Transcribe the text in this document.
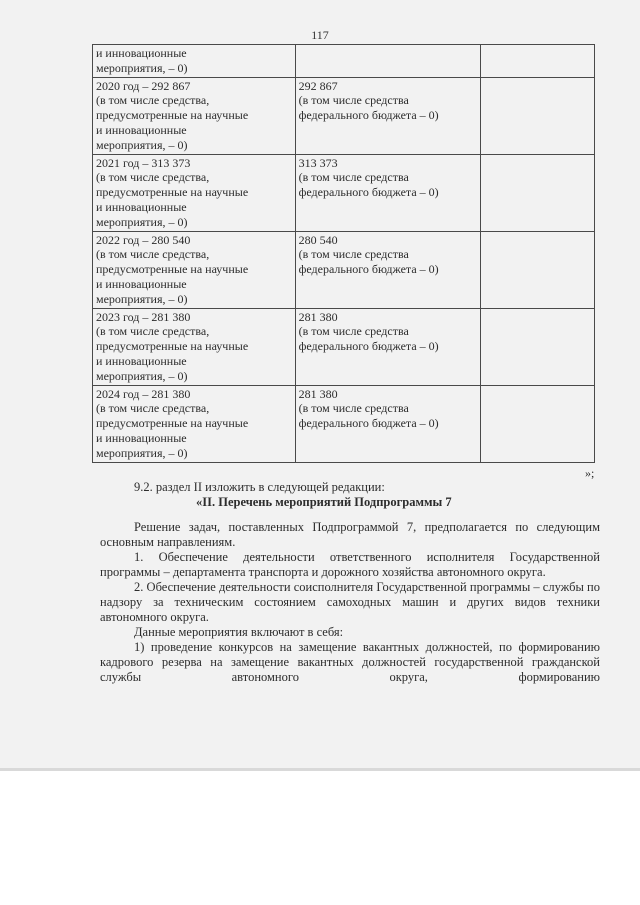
117
и инновационные
мероприятия, – 0)		

2020 год – 292 867
(в том числе средства,
предусмотренные на научные
и инновационные
мероприятия, – 0)	292 867
(в том числе средства
федерального бюджета – 0)	

2021 год – 313 373
(в том числе средства,
предусмотренные на научные
и инновационные
мероприятия, – 0)	313 373
(в том числе средства
федерального бюджета – 0)	

2022 год – 280 540
(в том числе средства,
предусмотренные на научные
и инновационные
мероприятия, – 0)	280 540
(в том числе средства
федерального бюджета – 0)	

2023 год – 281 380
(в том числе средства,
предусмотренные на научные
и инновационные
мероприятия, – 0)	281 380
(в том числе средства
федерального бюджета – 0)	

2024 год – 281 380
(в том числе средства,
предусмотренные на научные
и инновационные
мероприятия, – 0)	281 380
(в том числе средства
федерального бюджета – 0)	

»;
9.2. раздел II изложить в следующей редакции:
«II. Перечень мероприятий Подпрограммы 7
Решение задач, поставленных Подпрограммой 7, предполагается по следующим основным направлениям.
1. Обеспечение деятельности ответственного исполнителя Государственной программы – департамента транспорта и дорожного хозяйства автономного округа.
2. Обеспечение деятельности соисполнителя Государственной программы – службы по надзору за техническим состоянием самоходных машин и других видов техники автономного округа.
Данные мероприятия включают в себя:
1) проведение конкурсов на замещение вакантных должностей, по формированию кадрового резерва на замещение вакантных должностей государственной гражданской службы автономного округа, формированию
